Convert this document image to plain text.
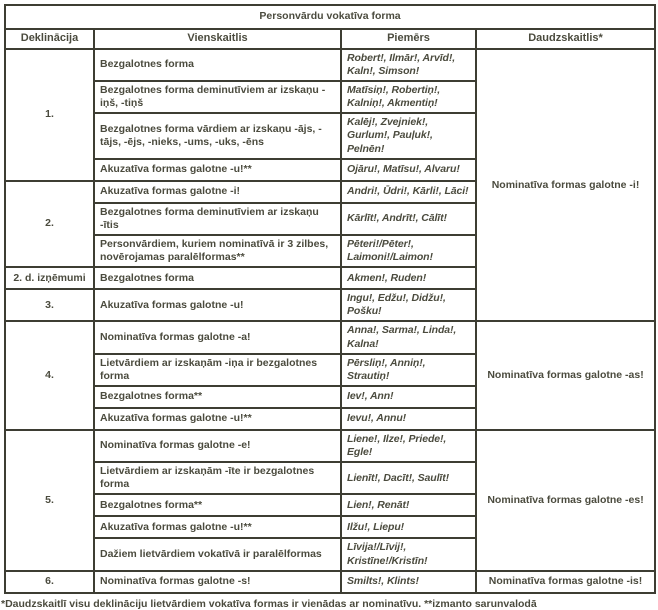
Personvārdu vokatīva forma			
Deklinācija	Vienskaitlis	Piemērs	Daudzskaitlis*
1.	Bezgalotnes forma	Robert!, Ilmār!, Arvīd!, Kaln!, Simson!	Nominatīva formas galotne -i!
	Bezgalotnes forma deminutīviem ar izskaņu -iņš, -tiņš	Matīsiņ!, Robertiņ!, Kalniņ!, Akmentiņ!	
	Bezgalotnes forma vārdiem ar izskaņu -ājs, -tājs, -ējs, -nieks, -ums, -uks, -ēns	Kalēj!, Zvejniek!, Gurlum!, Pauļuk!, Pelnēn!	
	Akuzatīva formas galotne -u!**	Ojāru!, Matīsu!, Alvaru!	
2.	Akuzatīva formas galotne -i!	Andri!, Ūdri!, Kārli!, Lāci!	
	Bezgalotnes forma deminutīviem ar izskaņu -ītis	Kārlīt!, Andrīt!, Cālīt!	
	Personvārdiem, kuriem nominatīvā ir 3 zilbes, novērojamas paralēlformas**	Pēteri!/Pēter!, Laimoni!/Laimon!	
2. d. izņēmumi	Bezgalotnes forma	Akmen!, Ruden!	
3.	Akuzatīva formas galotne -u!	Ingu!, Edžu!, Didžu!, Pošku!	
4.	Nominatīva formas galotne -a!	Anna!, Sarma!, Linda!, Kalna!	Nominatīva formas galotne -as!
	Lietvārdiem ar izskaņām -iņa ir bezgalotnes forma	Pērsliņ!, Anniņ!, Strautiņ!	
	Bezgalotnes forma**	Iev!, Ann!	
	Akuzatīva formas galotne -u!**	Ievu!, Annu!	
5.	Nominatīva formas galotne -e!	Liene!, Ilze!, Priede!, Egle!	Nominatīva formas galotne -es!
	Lietvārdiem ar izskaņām -īte ir bezgalotnes forma	Lienīt!, Dacīt!, Saulīt!	
	Bezgalotnes forma**	Lien!, Renāt!	
	Akuzatīva formas galotne -u!**	Ilžu!, Liepu!	
	Dažiem lietvārdiem vokatīvā ir paralēlformas	Līvija!/Līvij!, Kristīne!/Kristīn!	
6.	Nominatīva formas galotne -s!	Smilts!, Klints!	Nominatīva formas galotne -is!
*Daudzskaitlī visu deklināciju lietvārdiem vokatīva formas ir vienādas ar nominatīvu. **izmanto sarunvalodā
